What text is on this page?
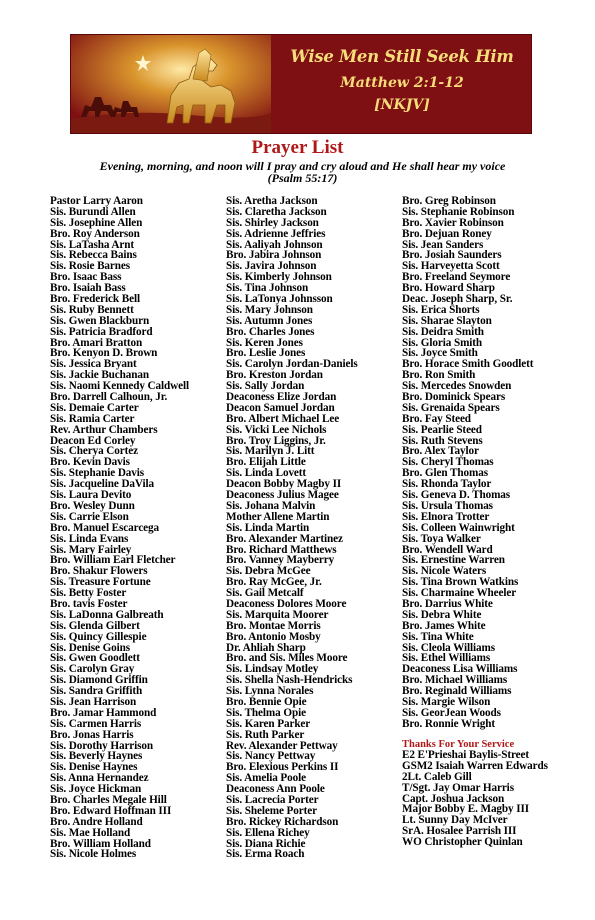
Wise Men Still Seek Him
Matthew 2:1-12
[NKJV]
Prayer List
Evening, morning, and noon will I pray and cry aloud and He shall hear my voice
(Psalm 55:17)
Pastor Larry Aaron
Sis. Burundi Allen
Sis. Josephine Allen
Bro. Roy Anderson
Sis. LaTasha Arnt
Sis. Rebecca Bains
Sis. Rosie Barnes
Bro. Isaac Bass
Bro. Isaiah Bass
Bro. Frederick Bell
Sis. Ruby Bennett
Sis. Gwen Blackburn
Sis. Patricia Bradford
Bro. Amari Bratton
Bro. Kenyon D. Brown
Sis. Jessica Bryant
Sis. Jackie Buchanan
Sis. Naomi Kennedy Caldwell
Bro. Darrell Calhoun, Jr.
Sis. Demaie Carter
Sis. Ramia Carter
Rev. Arthur Chambers
Deacon Ed Corley
Sis. Cherya Cortez
Bro. Kevin Davis
Sis. Stephanie Davis
Sis. Jacqueline DaVila
Sis. Laura Devito
Bro. Wesley Dunn
Sis. Carrie Elson
Bro. Manuel Escarcega
Sis. Linda Evans
Sis. Mary Fairley
Bro. William Earl Fletcher
Bro. Shakur Flowers
Sis. Treasure Fortune
Sis. Betty Foster
Bro. tavis Foster
Sis. LaDonna Galbreath
Sis. Glenda Gilbert
Sis. Quincy Gillespie
Sis. Denise Goins
Sis. Gwen Goodlett
Sis. Carolyn Gray
Sis. Diamond Griffin
Sis. Sandra Griffith
Sis. Jean Harrison
Bro. Jamar Hammond
Sis. Carmen Harris
Bro. Jonas Harris
Sis. Dorothy Harrison
Sis. Beverly Haynes
Sis. Denise Haynes
Sis. Anna Hernandez
Sis. Joyce Hickman
Bro. Charles Megale Hill
Bro. Edward Hoffman III
Bro. Andre Holland
Sis. Mae Holland
Bro. William Holland
Sis. Nicole Holmes
Sis. Aretha Jackson
Sis. Claretha Jackson
Sis. Shirley Jackson
Sis. Adrienne Jeffries
Sis. Aaliyah Johnson
Bro. Jabira Johnson
Sis. Javira Johnson
Sis. Kimberly Johnson
Sis. Tina Johnson
Sis. LaTonya Johnsson
Sis. Mary Johnson
Sis. Autumn Jones
Bro. Charles Jones
Sis. Keren Jones
Bro. Leslie Jones
Sis. Carolyn Jordan-Daniels
Bro. Kreston Jordan
Sis. Sally Jordan
Deaconess Elize Jordan
Deacon Samuel Jordan
Bro. Albert Michael Lee
Sis. Vicki Lee Nichols
Bro. Troy Liggins, Jr.
Sis. Marilyn J. Litt
Bro. Elijah Little
Sis. Linda Lovett
Deacon Bobby Magby II
Deaconess Julius Magee
Sis. Johana Malvin
Mother Allene Martin
Sis. Linda Martin
Bro. Alexander Martinez
Bro. Richard Matthews
Bro. Vanney Mayberry
Sis. Debra McGee
Bro. Ray McGee, Jr.
Sis. Gail Metcalf
Deaconess Dolores Moore
Sis. Marquita Moorer
Bro. Montae Morris
Bro. Antonio Mosby
Dr. Ahliah Sharp
Bro. and Sis. Miles Moore
Sis. Lindsay Motley
Sis. Shella Nash-Hendricks
Sis. Lynna Norales
Bro. Bennie Opie
Sis. Thelma Opie
Sis. Karen Parker
Sis. Ruth Parker
Rev. Alexander Pettway
Sis. Nancy Pettway
Bro. Elexious Perkins II
Sis. Amelia Poole
Deaconess Ann Poole
Sis. Lacrecia Porter
Sis. Sheleme Porter
Bro. Rickey Richardson
Sis. Ellena Richey
Sis. Diana Richie
Sis. Erma Roach
Bro. Greg Robinson
Sis. Stephanie Robinson
Bro. Xavier Robinson
Bro. Dejuan Roney
Sis. Jean Sanders
Bro. Josiah Saunders
Sis. Harveyetta Scott
Bro. Freeland Seymore
Bro. Howard Sharp
Deac. Joseph Sharp, Sr.
Sis. Erica Shorts
Sis. Sharae Slayton
Sis. Deidra Smith
Sis. Gloria Smith
Sis. Joyce Smith
Bro. Horace Smith Goodlett
Bro. Ron Smith
Sis. Mercedes Snowden
Bro. Dominick Spears
Sis. Grenaida Spears
Bro. Fay Steed
Sis. Pearlie Steed
Sis. Ruth Stevens
Bro. Alex Taylor
Sis. Cheryl Thomas
Bro. Glen Thomas
Sis. Rhonda Taylor
Sis. Geneva D. Thomas
Sis. Ursula Thomas
Sis. Elnora Trotter
Sis. Colleen Wainwright
Sis. Toya Walker
Bro. Wendell Ward
Sis. Ernestine Warren
Sis. Nicole Waters
Sis. Tina Brown Watkins
Sis. Charmaine Wheeler
Bro. Darrius White
Sis. Debra White
Bro. James White
Sis. Tina White
Sis. Cleola Williams
Sis. Ethel Williams
Deaconess Lisa Williams
Bro. Michael Williams
Bro. Reginald Williams
Sis. Margie Wilson
Sis. GeorJean Woods
Bro. Ronnie Wright
Thanks For Your Service
E2 E'Prieshai Baylis-Street
GSM2 Isaiah Warren Edwards
2Lt. Caleb Gill
T/Sgt. Jay Omar Harris
Capt. Joshua Jackson
Major Bobby E. Magby III
Lt. Sunny Day McIver
SrA. Hosalee Parrish III
WO Christopher Quinlan
